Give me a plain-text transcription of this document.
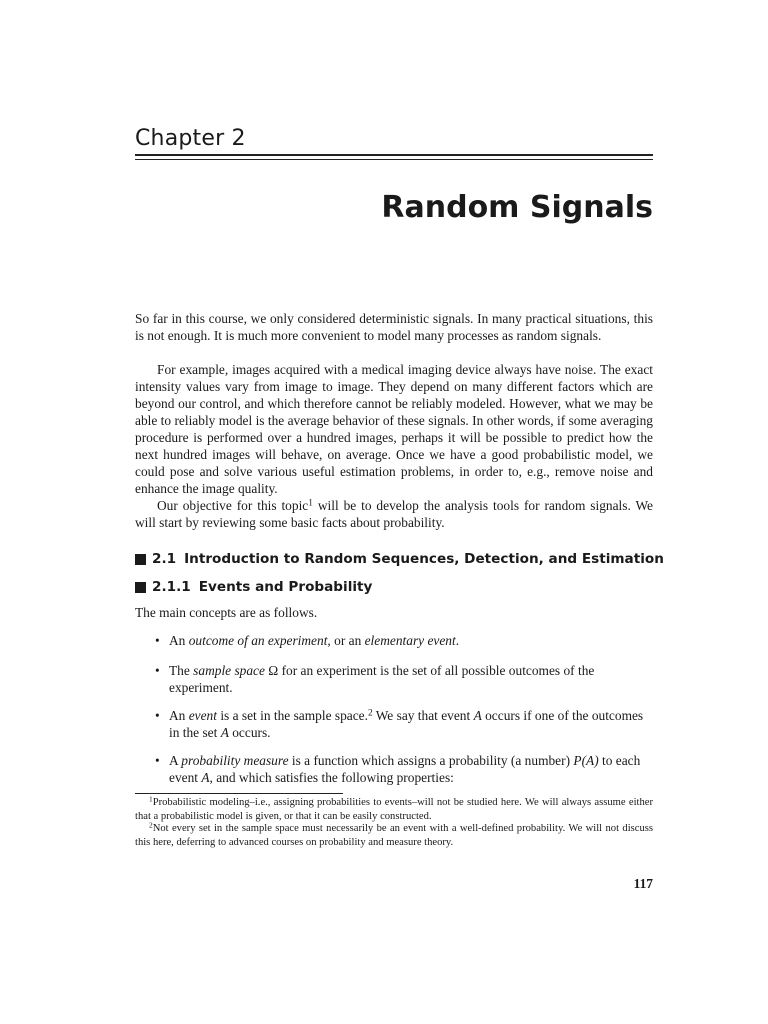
Chapter 2
Random Signals

So far in this course, we only considered deterministic signals. In many practical situations, this is not enough. It is much more convenient to model many processes as random signals.

For example, images acquired with a medical imaging device always have noise. The exact intensity values vary from image to image. They depend on many different factors which are beyond our control, and which therefore cannot be reliably modeled. However, what we may be able to reliably model is the average behavior of these signals. In other words, if some averaging procedure is performed over a hundred images, perhaps it will be possible to predict how the next hundred images will behave, on average. Once we have a good probabilistic model, we could pose and solve various useful estimation problems, in order to, e.g., remove noise and enhance the image quality.

Our objective for this topic$^1$ will be to develop the analysis tools for random signals. We will start by reviewing some basic facts about probability.

2.1 Introduction to Random Sequences, Detection, and Estimation
2.1.1 Events and Probability
The main concepts are as follows.
• An outcome of an experiment, or an elementary event.
• The sample space Ω for an experiment is the set of all possible outcomes of the experiment.
• An event is a set in the sample space.$^2$ We say that event A occurs if one of the outcomes in the set A occurs.
• A probability measure is a function which assigns a probability (a number) P(A) to each event A, and which satisfies the following properties:

$^1$Probabilistic modeling–i.e., assigning probabilities to events–will not be studied here. We will always assume either that a probabilistic model is given, or that it can be easily constructed.

$^2$Not every set in the sample space must necessarily be an event with a well-defined probability. We will not discuss this here, deferring to advanced courses on probability and measure theory.

117
